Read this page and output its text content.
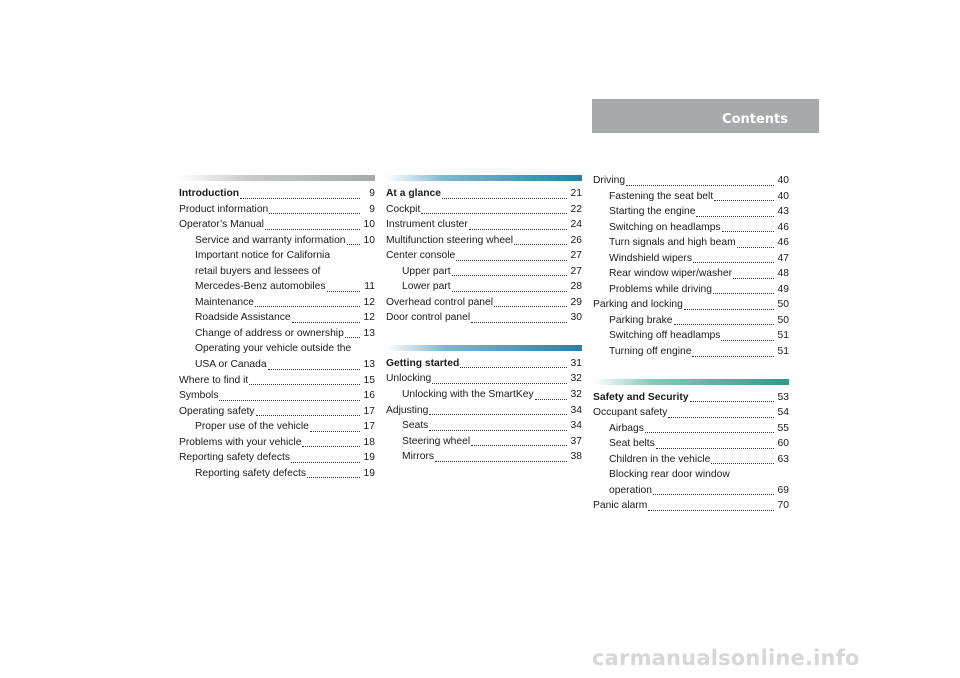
Contents
Introduction	9
Product information	9
Operator’s Manual	10
Service and warranty information 10
Important notice for California
retail buyers and lessees of
Mercedes-Benz automobiles	11
Maintenance	12
Roadside Assistance	12
Change of address or ownership 13
Operating your vehicle outside the
USA or Canada	13
Where to find it	15
Symbols	16
Operating safety	17
Proper use of the vehicle	17
Problems with your vehicle	18
Reporting safety defects	19
Reporting safety defects	19
At a glance	21
Cockpit	22
Instrument cluster	24
Multifunction steering wheel	26
Center console	27
Upper part	27
Lower part	28
Overhead control panel	29
Door control panel	30
Getting started	31
Unlocking	32
Unlocking with the SmartKey	32
Adjusting	34
Seats	34
Steering wheel	37
Mirrors	38
Driving	40
Fastening the seat belt	40
Starting the engine	43
Switching on headlamps	46
Turn signals and high beam	46
Windshield wipers	47
Rear window wiper/washer	48
Problems while driving	49
Parking and locking	50
Parking brake	50
Switching off headlamps	51
Turning off engine	51
Safety and Security	53
Occupant safety	54
Airbags	55
Seat belts	60
Children in the vehicle	63
Blocking rear door window
operation	69
Panic alarm	70
carmanualsonline.info
